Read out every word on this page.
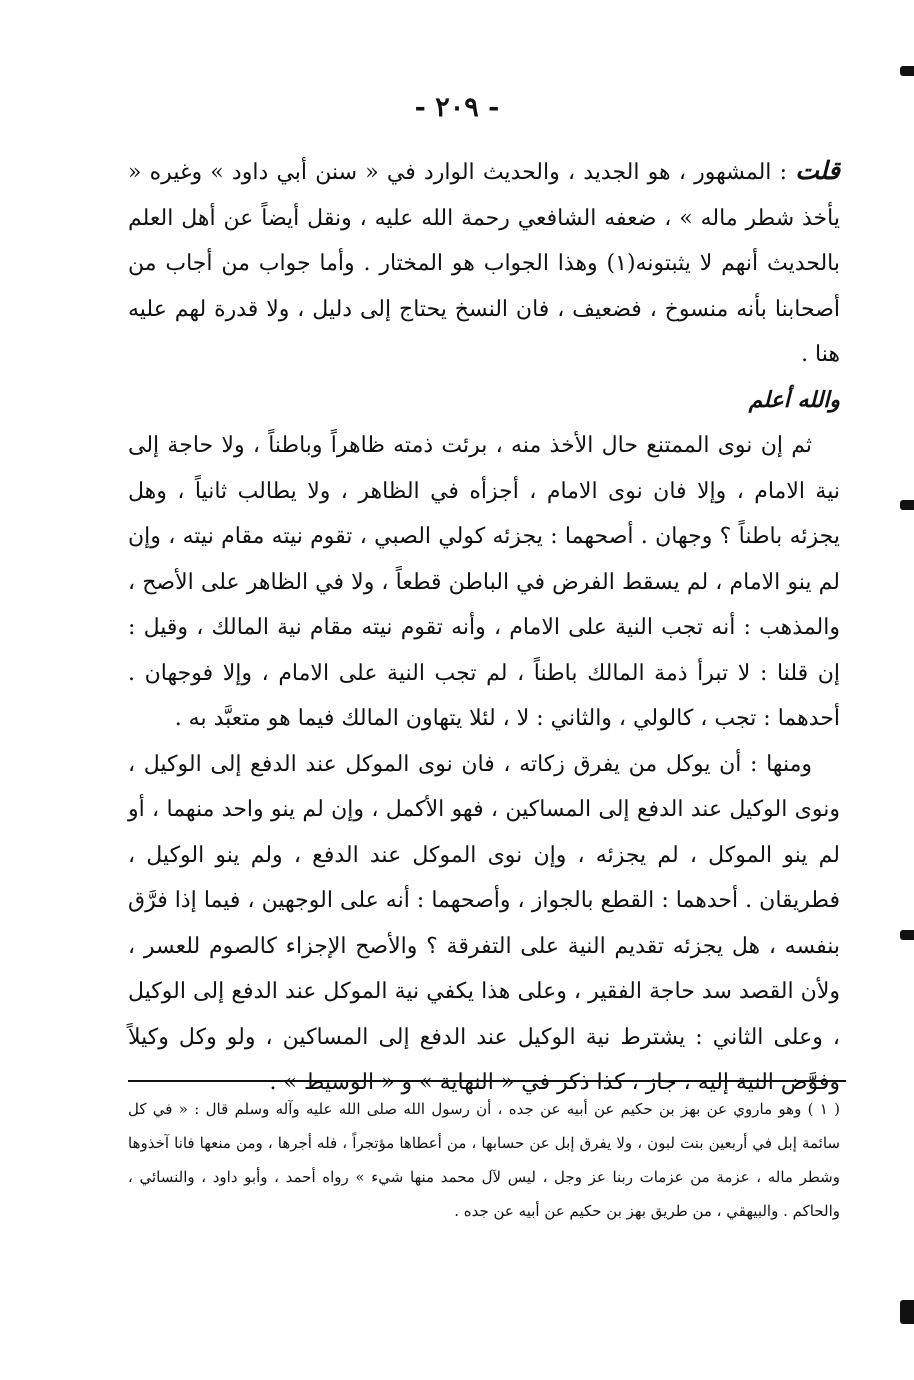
- ٢٠٩ -

قلت : المشهور ، هو الجديد ، والحديث الوارد في « سنن أبي داود » وغيره « يأخذ شطر ماله » ، ضعفه الشافعي رحمة الله عليه ، ونقل أيضاً عن أهل العلم بالحديث أنهم لا يثبتونه(١) وهذا الجواب هو المختار . وأما جواب من أجاب من أصحابنا بأنه منسوخ ، فضعيف ، فان النسخ يحتاج إلى دليل ، ولا قدرة لهم عليه هنا .

والله أعلم

ثم إن نوى الممتنع حال الأخذ منه ، برئت ذمته ظاهراً وباطناً ، ولا حاجة إلى نية الامام ، وإلا فان نوى الامام ، أجزأه في الظاهر ، ولا يطالب ثانياً ، وهل يجزئه باطناً ؟ وجهان . أصحهما : يجزئه كولي الصبي ، تقوم نيته مقام نيته ، وإن لم ينو الامام ، لم يسقط الفرض في الباطن قطعاً ، ولا في الظاهر على الأصح ، والمذهب : أنه تجب النية على الامام ، وأنه تقوم نيته مقام نية المالك ، وقيل : إن قلنا : لا تبرأ ذمة المالك باطناً ، لم تجب النية على الامام ، وإلا فوجهان . أحدهما : تجب ، كالولي ، والثاني : لا ، لئلا يتهاون المالك فيما هو متعبَّد به .

ومنها : أن يوكل من يفرق زكاته ، فان نوى الموكل عند الدفع إلى الوكيل ، ونوى الوكيل عند الدفع إلى المساكين ، فهو الأكمل ، وإن لم ينو واحد منهما ، أو لم ينو الموكل ، لم يجزئه ، وإن نوى الموكل عند الدفع ، ولم ينو الوكيل ، فطريقان . أحدهما : القطع بالجواز ، وأصحهما : أنه على الوجهين ، فيما إذا فرَّق بنفسه ، هل يجزئه تقديم النية على التفرقة ؟ والأصح الإجزاء كالصوم للعسر ، ولأن القصد سد حاجة الفقير ، وعلى هذا يكفي نية الموكل عند الدفع إلى الوكيل ، وعلى الثاني : يشترط نية الوكيل عند الدفع إلى المساكين ، ولو وكل وكيلاً وفوَّض النية إليه ، جاز ، كذا ذكر في « النهاية » و « الوسيط » .

( ١ ) وهو ماروي عن بهز بن حكيم عن أبيه عن جده ، أن رسول الله صلى الله عليه وآله وسلم قال : « في كل سائمة إبل في أربعين بنت لبون ، ولا يفرق إبل عن حسابها ، من أعطاها مؤتجراً ، فله أجرها ، ومن منعها فانا آخذوها وشطر ماله ، عزمة من عزمات ربنا عز وجل ، ليس لآل محمد منها شيء » رواه أحمد ، وأبو داود ، والنسائي ، والحاكم . والبيهقي ، من طريق بهز بن حكيم عن أبيه عن جده .
